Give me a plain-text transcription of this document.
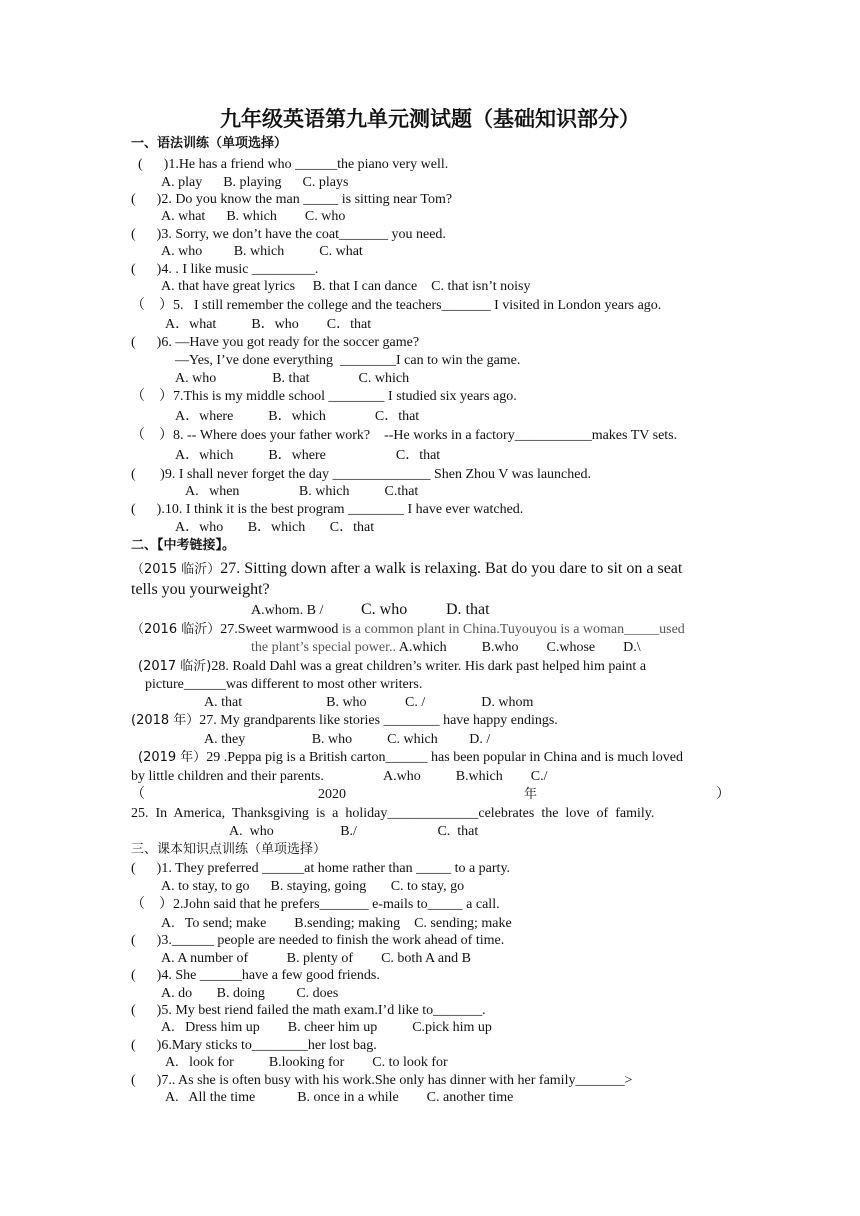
九年级英语第九单元测试题（基础知识部分）
一、语法训练（单项选择）
(      )1.He has a friend who ______the piano very well.
A. play      B. playing      C. plays
(      )2. Do you know the man _____ is sitting near Tom?
A. what      B. which        C. who
(      )3. Sorry, we don’t have the coat_______ you need.
A. who         B. which          C. what
(      )4. . I like music _________.
A. that have great lyrics     B. that I can dance    C. that isn’t noisy
（    ）5.   I still remember the college and the teachers_______ I visited in London years ago.
A．what          B．who        C．that
(      )6. —Have you got ready for the soccer game?
—Yes, I’ve done everything  ________I can to win the game.
A. who                B. that              C. which
（    ）7.This is my middle school ________ I studied six years ago.
A．where          B．which              C．that
（    ）8. -- Where does your father work?    --He works in a factory___________makes TV sets.
A．which          B．where                    C．that
(       )9. I shall never forget the day ______________ Shen Zhou V was launched.
A.   when                 B. which          C.that
(      ).10. I think it is the best program ________ I have ever watched.
A．who       B．which       C．that
二、【中考链接】。
（2015 临沂）27. Sitting down after a walk is relaxing. Bat do you dare to sit on a seat
tells you yourweight?
A.whom. B / C. who D. that
（2016 临沂）27.Sweet warmwood is a common plant in China.Tuyouyou is a woman_____used
the plant’s special power.. A.which          B.who        C.whose        D.\
(2017 临沂)28. Roald Dahl was a great children’s writer. His dark past helped him paint a
picture______was different to most other writers.
A. that                        B. who           C. /                D. whom
(2018 年）27. My grandparents like stories ________ have happy endings.
A. they                   B. who          C. which         D. /
(2019 年）29 .Peppa pig is a British carton______ has been popular in China and is much loved
by little children and their parents.	A.who          B.which        C./
（	2020	年	）
25.  In  America,  Thanksgiving  is  a  holiday_____________celebrates  the  love  of  family.
A.  who                   B./                       C.  that
三、课本知识点训练（单项选择）
(      )1. They preferred ______at home rather than _____ to a party.
A. to stay, to go      B. staying, going       C. to stay, go
（    ）2.John said that he prefers_______ e-mails to_____ a call.
A.   To send; make        B.sending; making    C. sending; make
(      )3.______ people are needed to finish the work ahead of time.
A. A number of           B. plenty of        C. both A and B
(      )4. She ______have a few good friends.
A. do       B. doing         C. does
(      )5. My best riend failed the math exam.I’d like to_______.
A.   Dress him up        B. cheer him up          C.pick him up
(      )6.Mary sticks to________her lost bag.
A.   look for          B.looking for        C. to look for
(      )7.. As she is often busy with his work.She only has dinner with her family_______>
A.   All the time            B. once in a while        C. another time
